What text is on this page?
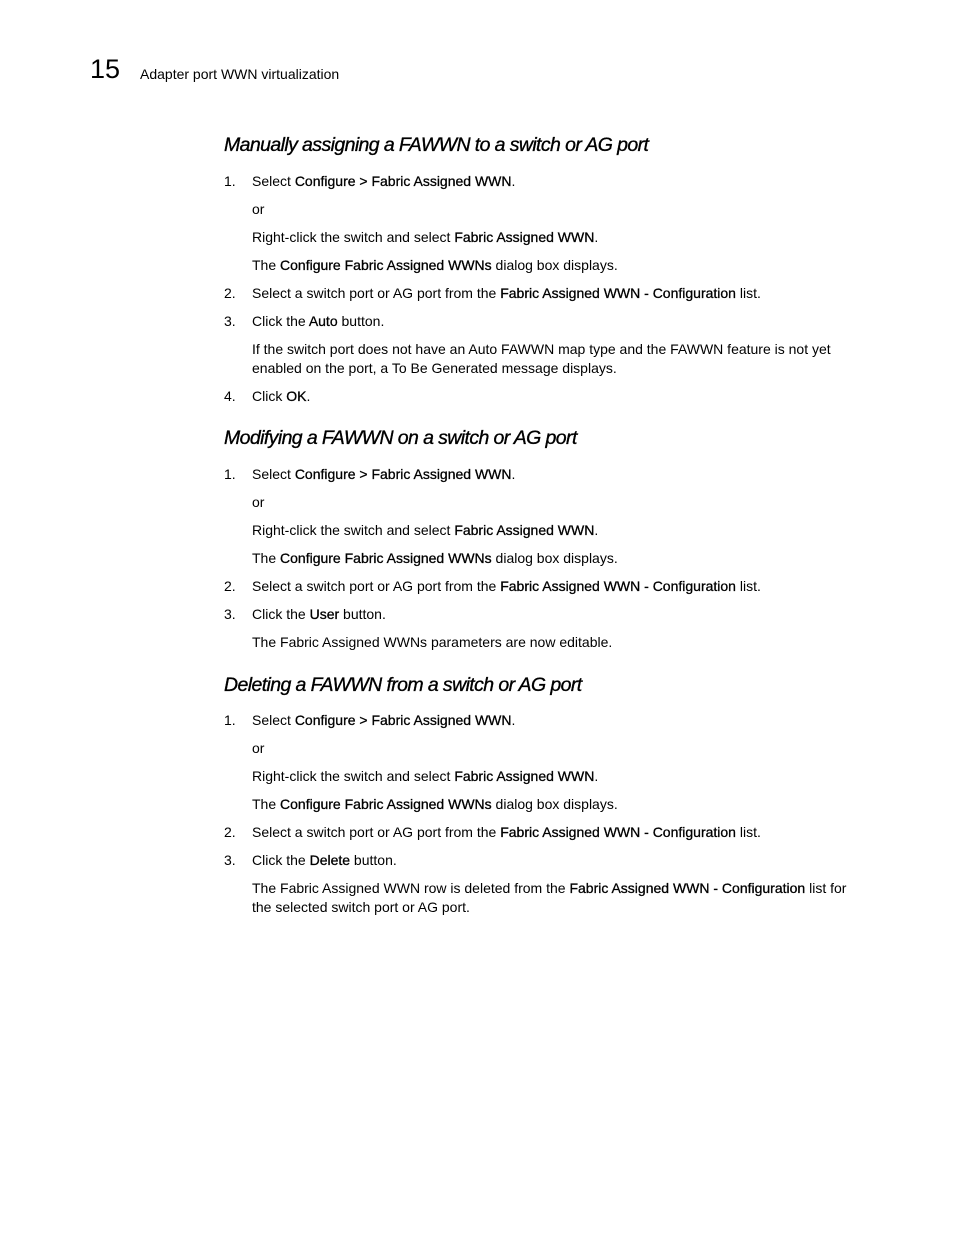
15 Adapter port WWN virtualization
Manually assigning a FAWWN to a switch or AG port
1. Select Configure > Fabric Assigned WWN.
or
Right-click the switch and select Fabric Assigned WWN.
The Configure Fabric Assigned WWNs dialog box displays.
2. Select a switch port or AG port from the Fabric Assigned WWN - Configuration list.
3. Click the Auto button.
If the switch port does not have an Auto FAWWN map type and the FAWWN feature is not yet
enabled on the port, a To Be Generated message displays.
4. Click OK.
Modifying a FAWWN on a switch or AG port
1. Select Configure > Fabric Assigned WWN.
or
Right-click the switch and select Fabric Assigned WWN.
The Configure Fabric Assigned WWNs dialog box displays.
2. Select a switch port or AG port from the Fabric Assigned WWN - Configuration list.
3. Click the User button.
The Fabric Assigned WWNs parameters are now editable.
Deleting a FAWWN from a switch or AG port
1. Select Configure > Fabric Assigned WWN.
or
Right-click the switch and select Fabric Assigned WWN.
The Configure Fabric Assigned WWNs dialog box displays.
2. Select a switch port or AG port from the Fabric Assigned WWN - Configuration list.
3. Click the Delete button.
The Fabric Assigned WWN row is deleted from the Fabric Assigned WWN - Configuration list for
the selected switch port or AG port.
